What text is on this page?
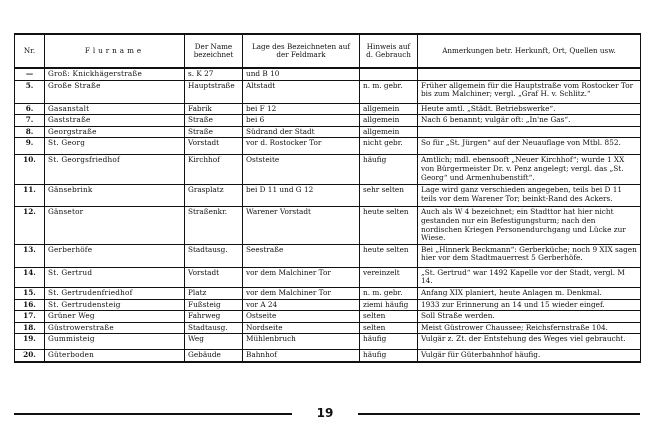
Nr.	Flurname	Der Name bezeichnet	Lage des Bezeichneten auf der Feldmark	Hinweis auf d. Gebrauch	Anmerkungen betr. Herkunft, Ort, Quellen usw.
—	Groß: Knickhägerstraße	s. K 27	und B 10		
5.	Große Straße	Hauptstraße	Altstadt	n. m. gebr.	Früher allgemein für die Hauptstraße vom Rostocker Tor bis zum Malchiner; vergl. „Graf H. v. Schlitz.“
6.	Gasanstalt	Fabrik	bei F 12	allgemein	Heute amtl. „Städt. Betriebswerke“.
7.	Gaststraße	Straße	bei 6	allgemein	Nach 6 benannt; vulgär oft: „In'ne Gas“.
8.	Georgstraße	Straße	Südrand der Stadt	allgemein	
9.	St. Georg	Vorstadt	vor d. Rostocker Tor	nicht gebr.	So für „St. Jürgen“ auf der Neuauflage von Mtbl. 852.
10.	St. Georgsfriedhof	Kirchhof	Oststeite	häufig	Amtlich; mdl. ebensooft „Neuer Kirchhof“; wurde 1 XX von Bürgermeister Dr. v. Penz angelegt; vergl. das „St. Georg“ und Armenhubenstift“.
11.	Gänsebrink	Grasplatz	bei D 11 und G 12	sehr selten	Lage wird ganz verschieden angegeben, teils bei D 11 teils vor dem Warener Tor; beinkt-Rand des Ackers.
12.	Gänsetor	Straßenkr.	Warener Vorstadt	heute selten	Auch als W 4 bezeichnet; ein Stadttor hat hier nicht gestanden nur ein Befestigungsturm; nach den nordischen Kriegen Personendurchgang und Lücke zur Wiese.
13.	Gerberhöfe	Stadtausg.	Seestraße	heute selten	Bei „Hinnerk Beckmann“: Gerberküche; noch 9 XIX sagen hier vor dem Stadtmauerrest 5 Gerberhöfe.
14.	St. Gertrud	Vorstadt	vor dem Malchiner Tor	vereinzelt	„St. Gertrud“ war 1492 Kapelle vor der Stadt, vergl. M 14.
15.	St. Gertrudenfriedhof	Platz	vor dem Malchiner Tor	n. m. gebr.	Anfang XIX planiert, heute Anlagen m. Denkmal.
16.	St. Gertrudensteig	Fußsteig	vor A 24	ziemi häufig	1933 zur Erinnerung an 14 und 15 wieder eingef.
17.	Grüner Weg	Fahrweg	Ostseite	selten	Soll Straße werden.
18.	Güstrowerstraße	Stadtausg.	Nordseite	selten	Meist Güstrower Chaussee; Reichsfernstraße 104.
19.	Gummisteig	Weg	Mühlenbruch	häufig	Vulgär z. Zt. der Entstehung des Weges viel gebraucht.
20.	Güterboden	Gebäude	Bahnhof	häufig	Vulgär für Güterbahnhof häufig.
19
